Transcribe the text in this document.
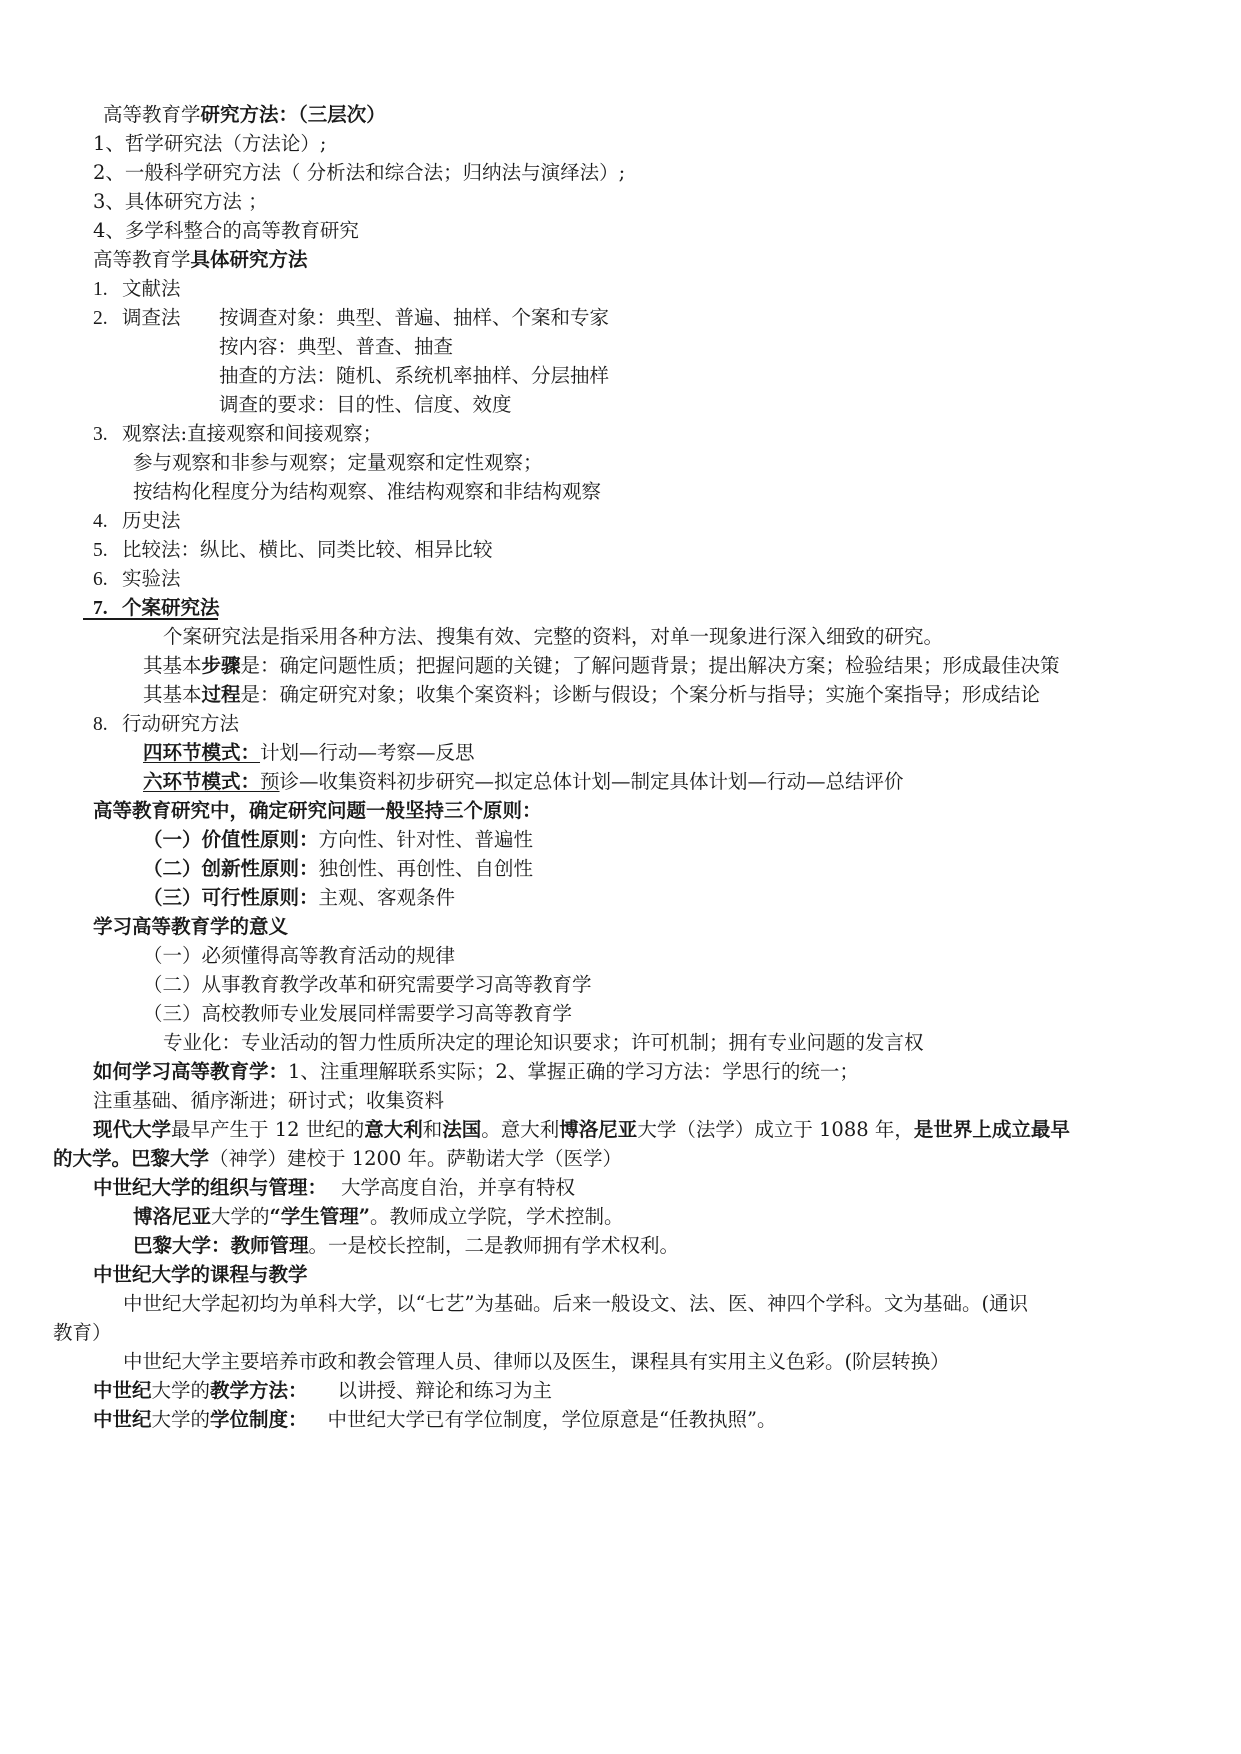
高等教育学研究方法：（三层次）
1、哲学研究法（方法论）;
2、一般科学研究方法（ 分析法和综合法；归纳法与演绎法）;
3、具体研究方法 ；
4、多学科整合的高等教育研究
高等教育学具体研究方法
1. 文献法
2. 调查法 按调查对象：典型、普遍、抽样、个案和专家
按内容：典型、普查、抽查
抽查的方法：随机、系统机率抽样、分层抽样
调查的要求：目的性、信度、效度
3. 观察法:直接观察和间接观察；
参与观察和非参与观察；定量观察和定性观察；
按结构化程度分为结构观察、准结构观察和非结构观察
4. 历史法
5. 比较法：纵比、横比、同类比较、相异比较
6. 实验法
7. 个案研究法
个案研究法是指采用各种方法、搜集有效、完整的资料，对单一现象进行深入细致的研究。
其基本步骤是：确定问题性质；把握问题的关键；了解问题背景；提出解决方案；检验结果；形成最佳决策
其基本过程是：确定研究对象；收集个案资料；诊断与假设；个案分析与指导；实施个案指导；形成结论
8. 行动研究方法
四环节模式：计划—行动—考察—反思
六环节模式：预诊—收集资料初步研究—拟定总体计划—制定具体计划—行动—总结评价
高等教育研究中，确定研究问题一般坚持三个原则：
（一）价值性原则：方向性、针对性、普遍性
（二）创新性原则：独创性、再创性、自创性
（三）可行性原则：主观、客观条件
学习高等教育学的意义
（一）必须懂得高等教育活动的规律
（二）从事教育教学改革和研究需要学习高等教育学
（三）高校教师专业发展同样需要学习高等教育学
专业化：专业活动的智力性质所决定的理论知识要求；许可机制；拥有专业问题的发言权
如何学习高等教育学：1、注重理解联系实际；2、掌握正确的学习方法：学思行的统一；
注重基础、循序渐进；研讨式；收集资料
现代大学最早产生于 12 世纪的意大利和法国。意大利博洛尼亚大学（法学）成立于 1088 年，是世界上成立最早
的大学。巴黎大学（神学）建校于 1200 年。萨勒诺大学（医学）
中世纪大学的组织与管理： 大学高度自治，并享有特权
博洛尼亚大学的“学生管理”。教师成立学院，学术控制。
巴黎大学：教师管理。一是校长控制，二是教师拥有学术权利。
中世纪大学的课程与教学
中世纪大学起初均为单科大学，以“七艺”为基础。后来一般设文、法、医、神四个学科。文为基础。(通识
教育）
中世纪大学主要培养市政和教会管理人员、律师以及医生，课程具有实用主义色彩。(阶层转换）
中世纪大学的教学方法： 以讲授、辩论和练习为主
中世纪大学的学位制度： 中世纪大学已有学位制度，学位原意是“任教执照”。
